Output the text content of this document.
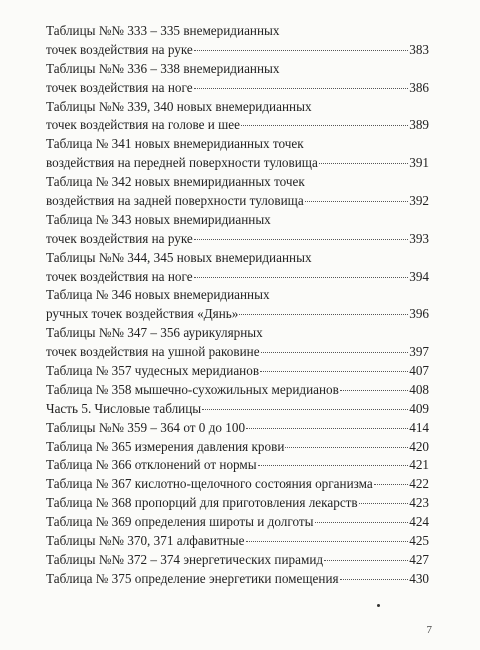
Таблицы №№ 333 – 335 внемеридианных
точек воздействия на руке	383
Таблицы №№ 336 – 338 внемеридианных
точек воздействия на ноге	386
Таблицы №№ 339, 340 новых внемеридианных
точек воздействия на голове и шее	389
Таблица № 341 новых внемеридианных точек
воздействия на передней поверхности туловища	391
Таблица № 342 новых внемиридианных точек
воздействия на задней поверхности туловища	392
Таблица № 343 новых внемиридианных
точек воздействия на руке	393
Таблицы №№ 344, 345 новых внемеридианных
точек воздействия на ноге	394
Таблица № 346 новых внемеридианных
ручных точек воздействия «Дянь»	396
Таблицы №№ 347 – 356 аурикулярных
точек воздействия на ушной раковине	397
Таблица № 357 чудесных меридианов	407
Таблица № 358 мышечно-сухожильных меридианов	408
Часть 5. Числовые таблицы	409
Таблицы №№ 359 – 364 от 0 до 100	414
Таблица № 365 измерения давления крови	420
Таблица № 366 отклонений от нормы	421
Таблица № 367 кислотно-щелочного состояния организма	422
Таблица № 368 пропорций для приготовления лекарств	423
Таблица № 369 определения широты и долготы	424
Таблицы №№ 370, 371 алфавитные	425
Таблицы №№ 372 – 374 энергетических пирамид	427
Таблица № 375 определение энергетики помещения	430
7
